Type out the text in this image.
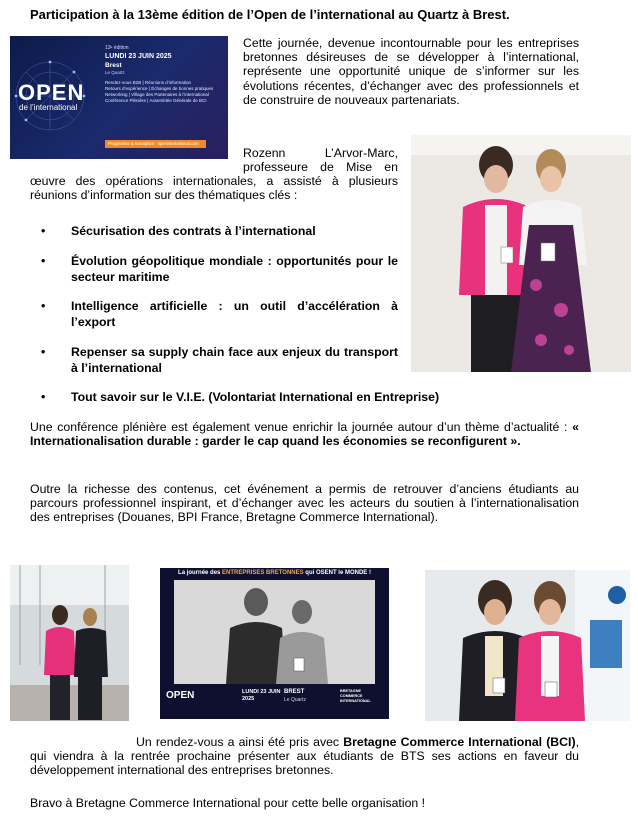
Participation à la 13ème édition de l’Open de l’international au Quartz à Brest.
OPEN
de l’international
13ᵉ édition
LUNDI 23 JUIN 2025
Brest
Le Quartz
Rendez-vous B2B | Réunions d’information
Retours d’expérience | Échanges de bonnes pratiques
Networking | Village des Partenaires à l’international
Conférence Plénière | Assemblée Générale de BCI
Programme & Inscription : openinternational.com
Cette journée, devenue incontournable pour les entreprises bretonnes désireuses de se développer à l’international, représente une opportunité unique de s’informer sur les évolutions récentes, d’échanger avec des professionnels et de construire de nouveaux partenariats.
Rozenn L’Arvor-Marc,
professeure de Mise en
œuvre des opérations internationales, a assisté à plusieurs réunions d’information sur des thématiques clés :
• Sécurisation des contrats à l’international
• Évolution géopolitique mondiale : opportunités pour le secteur maritime
• Intelligence artificielle : un outil d’accélération à l’export
• Repenser sa supply chain face aux enjeux du transport à l’international
• Tout savoir sur le V.I.E. (Volontariat International en Entreprise)
Une conférence plénière est également venue enrichir la journée autour d’un thème d’actualité : « Internationalisation durable : garder le cap quand les économies se reconfigurent ».
Outre la richesse des contenus, cet événement a permis de retrouver d’anciens étudiants au parcours professionnel inspirant, et d’échanger avec les acteurs du soutien à l’internationalisation des entreprises (Douanes, BPI France, Bretagne Commerce International).
La journée des ENTREPRISES BRETONNES qui OSENT le MONDE !
OPEN	LUNDI 23 JUIN 2025
BREST
Le Quartz
BRETAGNE COMMERCE INTERNATIONAL
Un rendez-vous a ainsi été pris avec Bretagne Commerce International (BCI), qui viendra à la rentrée prochaine présenter aux étudiants de BTS ses actions en faveur du développement international des entreprises bretonnes.
Bravo à Bretagne Commerce International pour cette belle organisation !
